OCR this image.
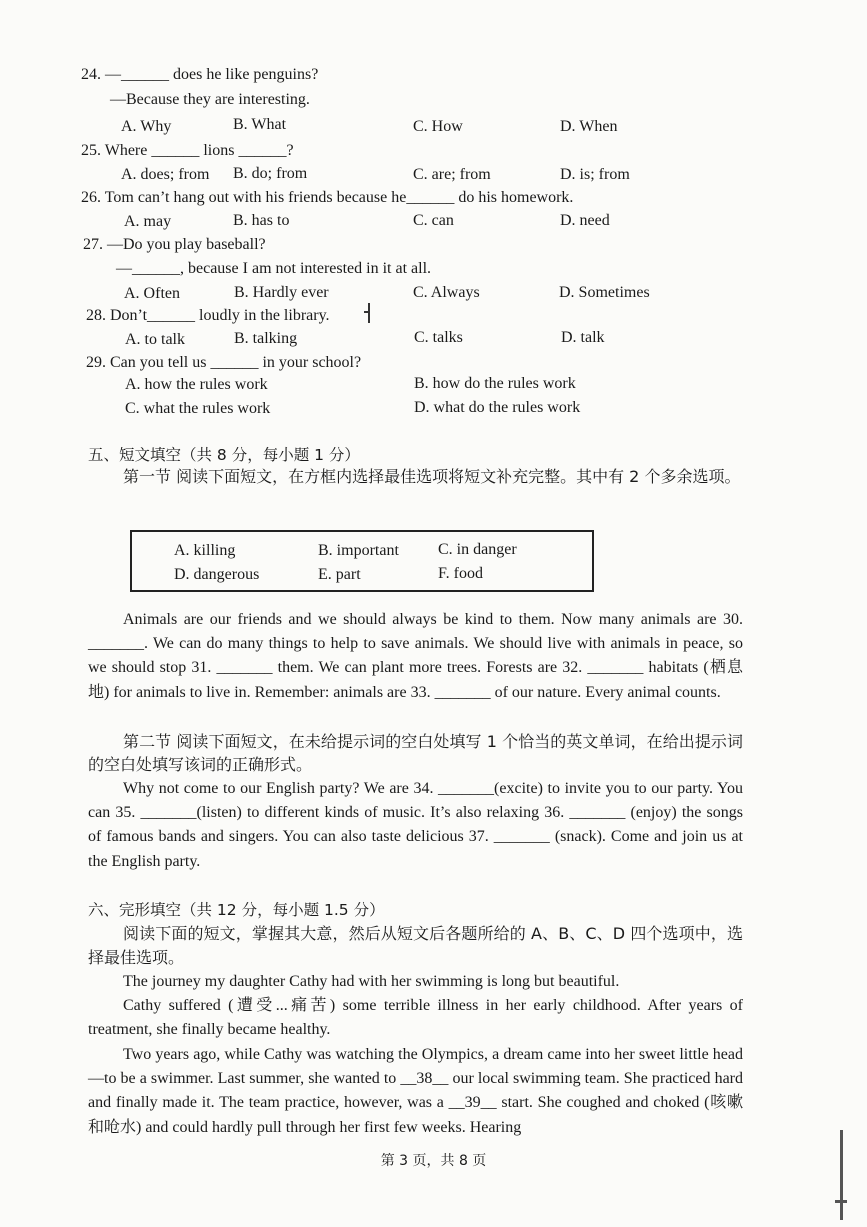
24. —______ does he like penguins?
—Because they are interesting.
A. Why	B. What	C. How	D. When
25. Where ______ lions ______?
A. does; from B. do; from	C. are; from	D. is; from
26. Tom can’t hang out with his friends because he______ do his homework.
A. may	B. has to	C. can	D. need
27. —Do you play baseball?
—______, because I am not interested in it at all.
A. Often	B. Hardly ever	C. Always	D. Sometimes
28. Don’t______ loudly in the library.
A. to talk	B. talking	C. talks	D. talk
29. Can you tell us ______ in your school?
A. how the rules work	B. how do the rules work
C. what the rules work	D. what do the rules work
五、短文填空（共 8 分，每小题 1 分）
第一节 阅读下面短文，在方框内选择最佳选项将短文补充完整。其中有 2 个多余选项。
A. killing	B. important C. in danger
D. dangerous	E. part	F. food
Animals are our friends and we should always be kind to them. Now many animals are 30. _______. We can do many things to help to save animals. We should live with animals in peace, so we should stop 31. _______ them. We can plant more trees. Forests are 32. _______ habitats (栖息地) for animals to live in. Remember: animals are 33. _______ of our nature. Every animal counts.
第二节 阅读下面短文，在未给提示词的空白处填写 1 个恰当的英文单词，在给出提示词的空白处填写该词的正确形式。
Why not come to our English party? We are 34. _______(excite) to invite you to our party. You can 35. _______(listen) to different kinds of music. It’s also relaxing 36. _______ (enjoy) the songs of famous bands and singers. You can also taste delicious 37. _______ (snack). Come and join us at the English party.
六、完形填空（共 12 分，每小题 1.5 分）
阅读下面的短文，掌握其大意，然后从短文后各题所给的 A、B、C、D 四个选项中，选择最佳选项。
The journey my daughter Cathy had with her swimming is long but beautiful.
Cathy suffered (遭受...痛苦) some terrible illness in her early childhood. After years of treatment, she finally became healthy.
Two years ago, while Cathy was watching the Olympics, a dream came into her sweet little head—to be a swimmer. Last summer, she wanted to __38__ our local swimming team. She practiced hard and finally made it. The team practice, however, was a __39__ start. She coughed and choked (咳嗽和呛水) and could hardly pull through her first few weeks. Hearing
第 3 页，共 8 页
